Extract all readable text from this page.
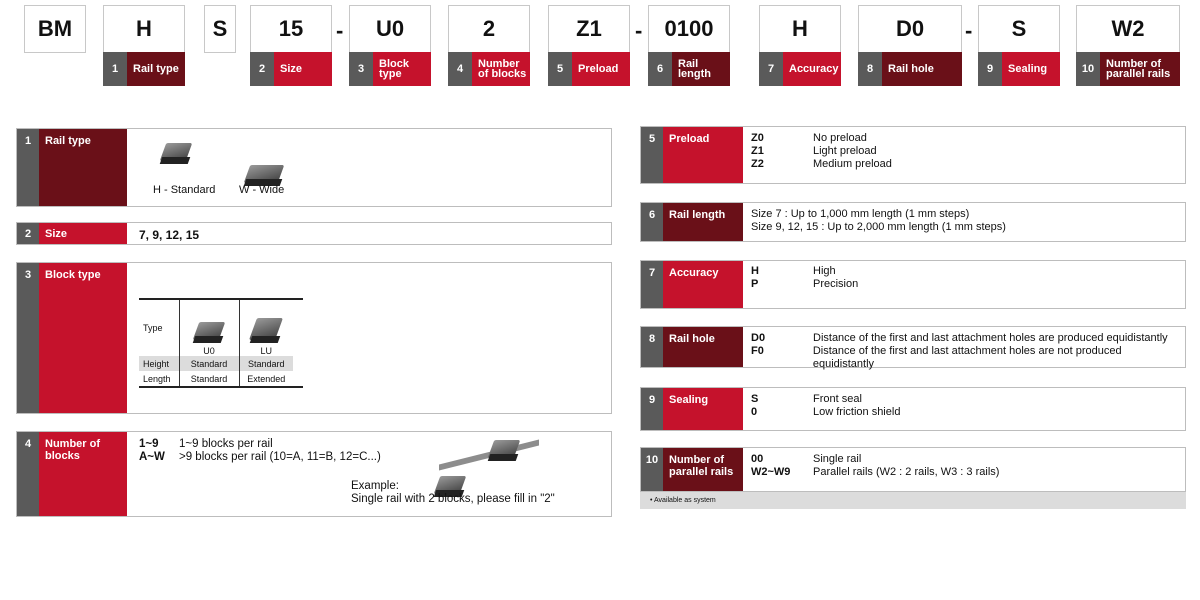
BM	H
1	Rail type
S	15
2	Size
-	U0
3	Block type
2
4	Number of blocks
Z1
5	Preload
-	0100
6	Rail length
H
7	Accuracy
D0
8	Rail hole
-	S
9	Sealing
W2
10	Number of parallel rails
1	Rail type
H - Standard W - Wide
2	Size	7, 9, 12, 15
3	Block type
Type	U0	LU
Height	Standard	Standard
Length	Standard	Extended
4	Number of blocks
1~9	1~9 blocks per rail
A~W	>9 blocks per rail (10=A, 11=B, 12=C...)
Example:
Single rail with 2 blocks, please fill in "2"
5	Preload	Z0	No preload
Z1	Light preload
Z2	Medium preload
6	Rail length	Size 7 : Up to 1,000 mm length (1 mm steps)
Size 9, 12, 15 : Up to 2,000 mm length (1 mm steps)
7	Accuracy	H	High
P	Precision
8	Rail hole	D0	Distance of the first and last attachment holes are produced equidistantly
F0	Distance of the first and last attachment holes are not produced equidistantly
9	Sealing	S	Front seal
0	Low friction shield
10 Number of parallel rails
00	Single rail
W2~W9	Parallel rails (W2 : 2 rails, W3 : 3 rails)
• Available as system
